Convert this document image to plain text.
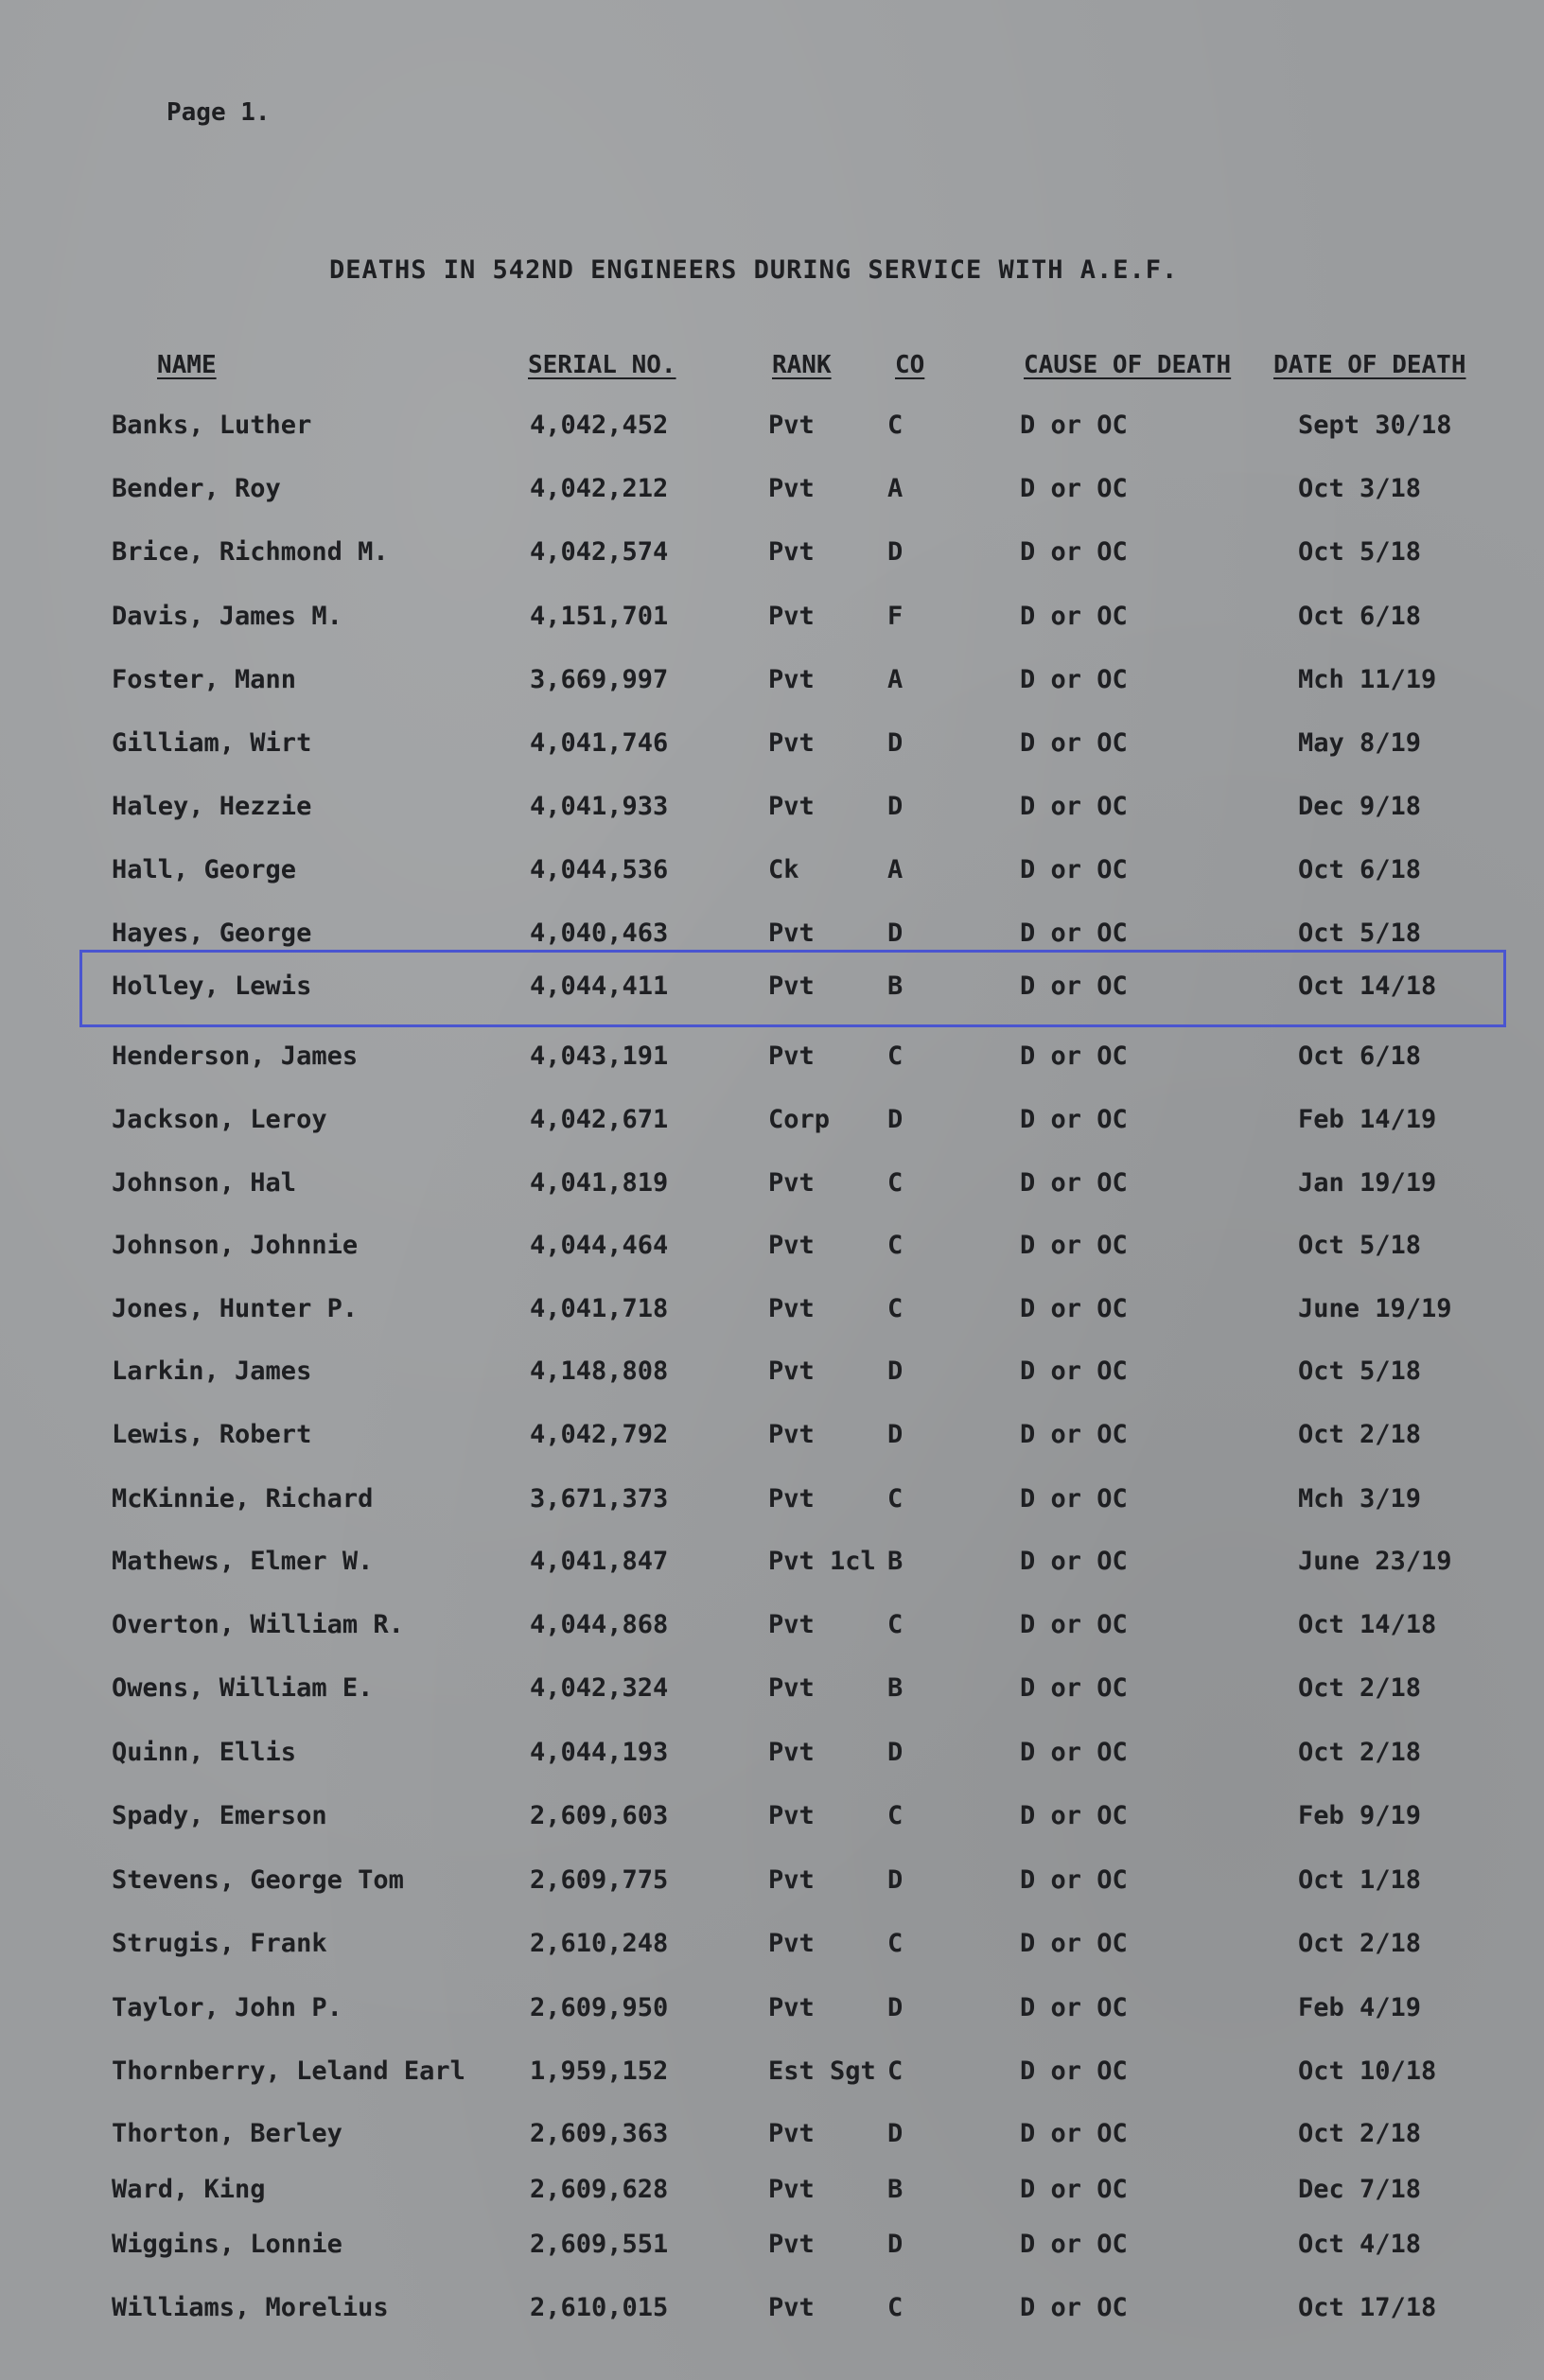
Page 1.
DEATHS IN 542ND ENGINEERS DURING SERVICE WITH A.E.F.
NAME	SERIAL NO.	RANK	CO	CAUSE OF DEATH DATE OF DEATH
Banks, Luther	4,042,452	Pvt	C	D or OC	Sept 30/18
Bender, Roy	4,042,212	Pvt	A	D or OC	Oct 3/18
Brice, Richmond M.	4,042,574	Pvt	D	D or OC	Oct 5/18
Davis, James M.	4,151,701	Pvt	F	D or OC	Oct 6/18
Foster, Mann	3,669,997	Pvt	A	D or OC	Mch 11/19
Gilliam, Wirt	4,041,746	Pvt	D	D or OC	May 8/19
Haley, Hezzie	4,041,933	Pvt	D	D or OC	Dec 9/18
Hall, George	4,044,536	Ck	A	D or OC	Oct 6/18
Hayes, George	4,040,463	Pvt	D	D or OC	Oct 5/18
Holley, Lewis	4,044,411	Pvt	B	D or OC	Oct 14/18
Henderson, James	4,043,191	Pvt	C	D or OC	Oct 6/18
Jackson, Leroy	4,042,671	Corp D	D or OC	Feb 14/19
Johnson, Hal	4,041,819	Pvt	C	D or OC	Jan 19/19
Johnson, Johnnie	4,044,464	Pvt	C	D or OC	Oct 5/18
Jones, Hunter P.	4,041,718	Pvt	C	D or OC	June 19/19
Larkin, James	4,148,808	Pvt	D	D or OC	Oct 5/18
Lewis, Robert	4,042,792	Pvt	D	D or OC	Oct 2/18
McKinnie, Richard	3,671,373	Pvt	C	D or OC	Mch 3/19
Mathews, Elmer W.	4,041,847	Pvt 1cl B	D or OC	June 23/19
Overton, William R.	4,044,868	Pvt	C	D or OC	Oct 14/18
Owens, William E.	4,042,324	Pvt	B	D or OC	Oct 2/18
Quinn, Ellis	4,044,193	Pvt	D	D or OC	Oct 2/18
Spady, Emerson	2,609,603	Pvt	C	D or OC	Feb 9/19
Stevens, George Tom	2,609,775	Pvt	D	D or OC	Oct 1/18
Strugis, Frank	2,610,248	Pvt	C	D or OC	Oct 2/18
Taylor, John P.	2,609,950	Pvt	D	D or OC	Feb 4/19
Thornberry, Leland Earl	1,959,152	Est Sgt C	D or OC	Oct 10/18
Thorton, Berley	2,609,363	Pvt	D	D or OC	Oct 2/18
Ward, King	2,609,628	Pvt	B	D or OC	Dec 7/18
Wiggins, Lonnie	2,609,551	Pvt	D	D or OC	Oct 4/18
Williams, Morelius	2,610,015	Pvt	C	D or OC	Oct 17/18
